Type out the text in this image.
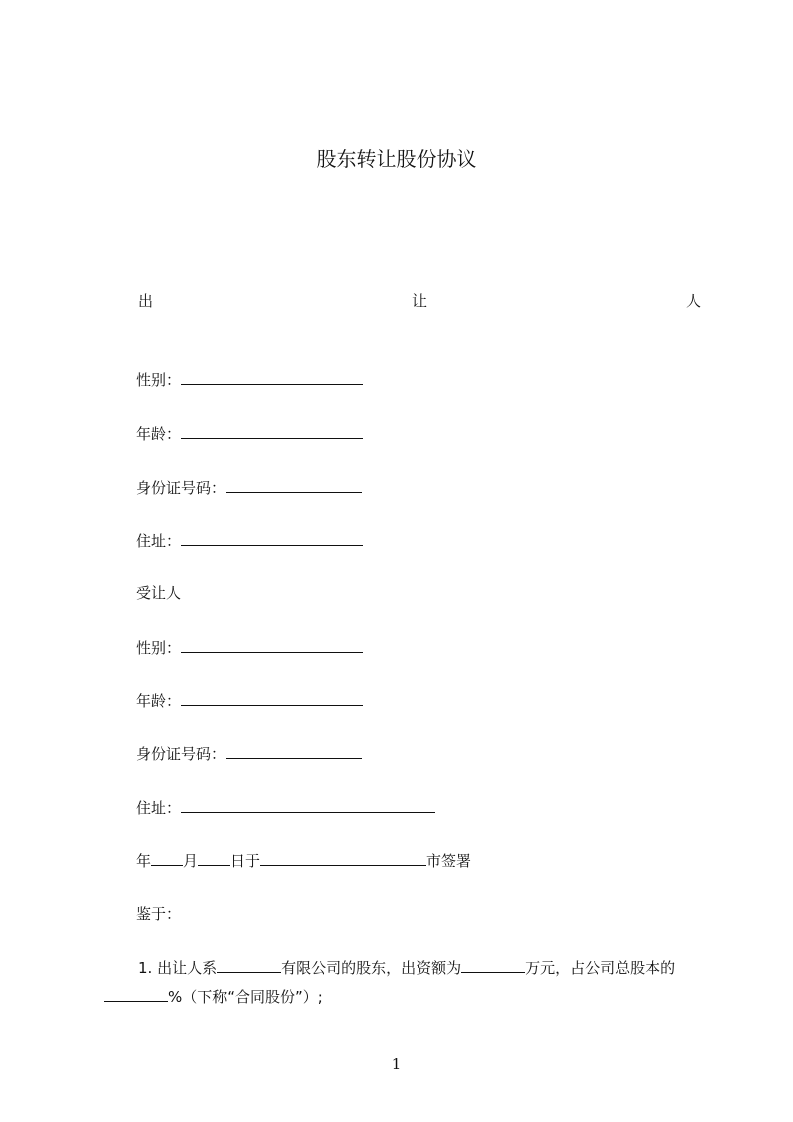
股东转让股份协议
出	让	人
性别：
年龄：
身份证号码：
住址：
受让人
性别：
年龄：
身份证号码：
住址：
年 月 日于	市签署
鉴于：
1. 出让人系	有限公司的股东，出资额为	万元，占公司总股本的
%（下称“合同股份”）;
1
